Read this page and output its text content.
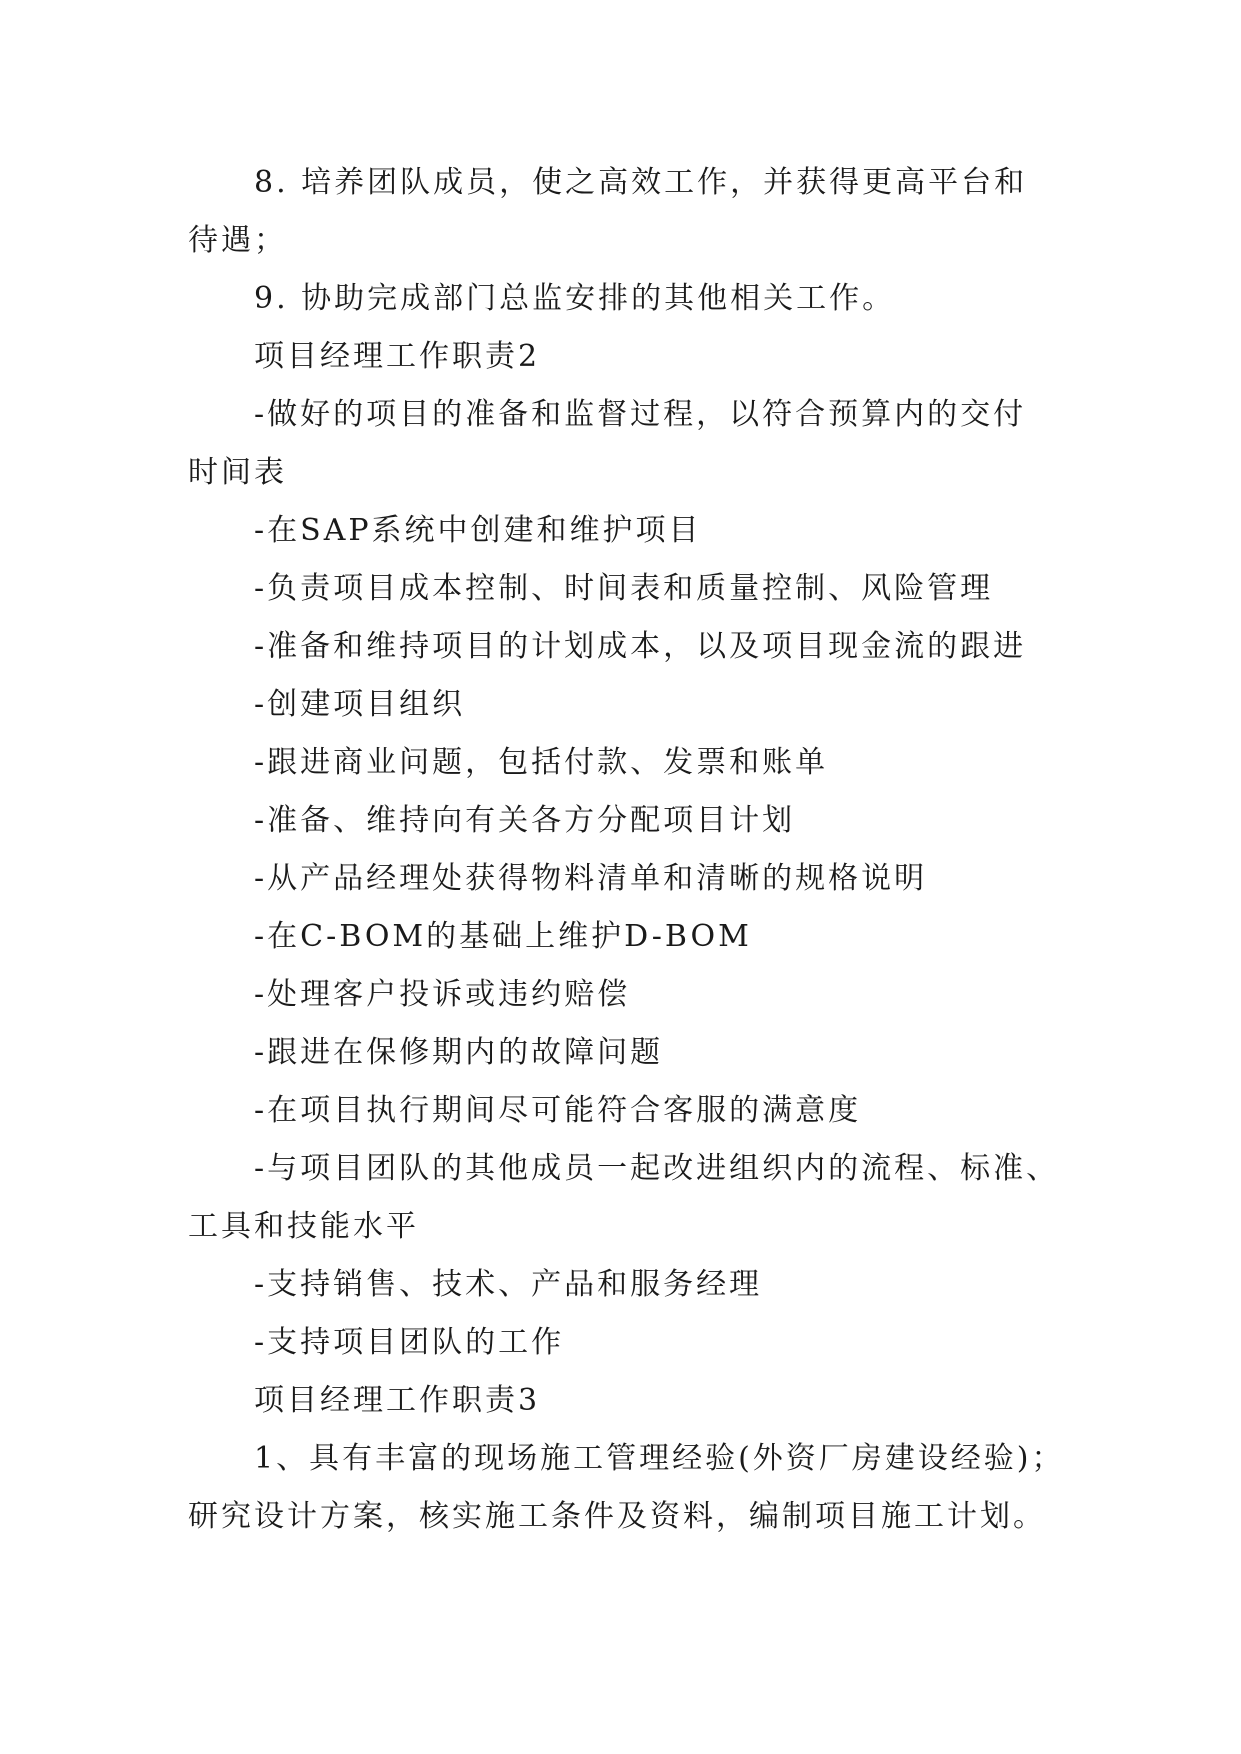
8. 培养团队成员，使之高效工作，并获得更高平台和
待遇；
9. 协助完成部门总监安排的其他相关工作。
项目经理工作职责2
-做好的项目的准备和监督过程，以符合预算内的交付
时间表
-在SAP系统中创建和维护项目
-负责项目成本控制、时间表和质量控制、风险管理
-准备和维持项目的计划成本，以及项目现金流的跟进
-创建项目组织
-跟进商业问题，包括付款、发票和账单
-准备、维持向有关各方分配项目计划
-从产品经理处获得物料清单和清晰的规格说明
-在C-BOM的基础上维护D-BOM
-处理客户投诉或违约赔偿
-跟进在保修期内的故障问题
-在项目执行期间尽可能符合客服的满意度
-与项目团队的其他成员一起改进组织内的流程、标准、
工具和技能水平
-支持销售、技术、产品和服务经理
-支持项目团队的工作
项目经理工作职责3
1、具有丰富的现场施工管理经验(外资厂房建设经验)；
研究设计方案，核实施工条件及资料，编制项目施工计划。
